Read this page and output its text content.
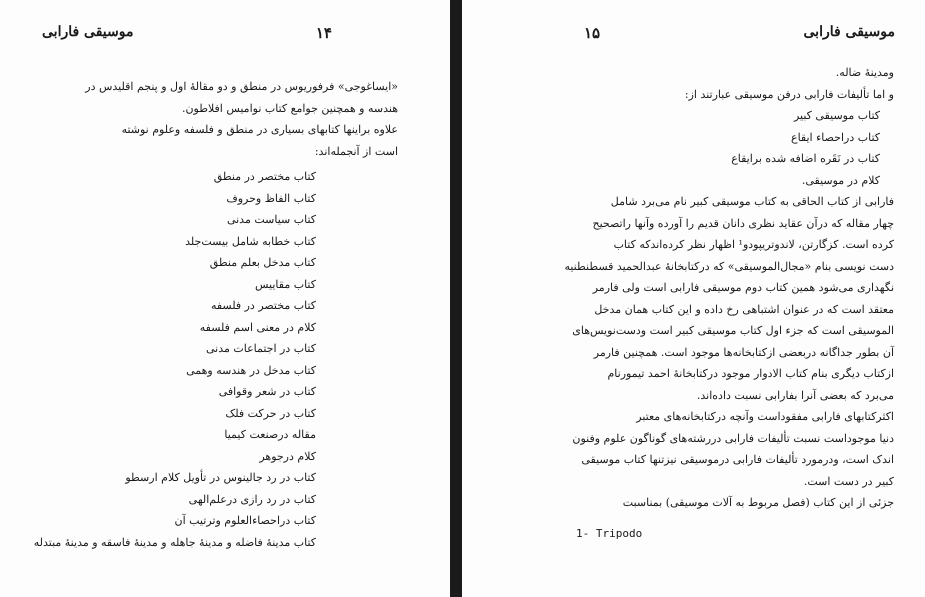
موسیقی فارابی	۱۴

«ایساغوجی» فرفوریوس در منطق و دو مقالهٔ اول و پنجم اقلیدس در

هندسه و همچنین جوامع کتاب نوامیس افلاطون.

علاوه براینها کتابهای بسیاری در منطق و فلسفه وعلوم نوشته

است از آنجمله‌اند:

کتاب مختصر در منطق

کتاب الفاظ وحروف

کتاب سیاست مدنی

کتاب خطابه شامل بیست‌جلد

کتاب مدخل بعلم منطق

کتاب مقاییس

کتاب مختصر در فلسفه

کلام در معنی اسم فلسفه

کتاب در اجتماعات مدنی

کتاب مدخل در هندسه وهمی

کتاب در شعر وقوافی

کتاب در حرکت فلک

مقاله درصنعت کیمیا

کلام درجوهر

کتاب در رد جالینوس در تأویل کلام ارسطو

کتاب در رد رازی درعلم‌الهی

کتاب دراحصاءالعلوم وترتیب آن

کتاب مدینهٔ فاضله و مدینهٔ جاهله و مدینهٔ فاسقه و مدینهٔ مبتدله

موسیقی فارابی
۱۵

ومدینهٔ ضاله.

و اما تألیفات فارابی درفن موسیقی عبارتند از:

کتاب موسیقی کبیر

کتاب دراحصاء ایقاع

کتاب در نَقَره اضافه شده برایقاع

کلام در موسیقی.

فارابی از کتاب الحاقی به کتاب موسیقی کبیر نام می‌برد شامل

چهار مقاله که درآن عقاید نظری دانان قدیم را آورده وآنها راتصحیح

کرده است. کزگارتن، لاندوتریپودو¹ اظهار نظر کرده‌اندکه کتاب

دست نویسی بنام «مجال‌الموسیقی» که درکتابخانهٔ عبدالحمید قسطنطنیه

نگهداری می‌شود همین کتاب دوم موسیقی فارابی است ولی فارمر

معتقد است که در عنوان اشتباهی رخ داده و این کتاب همان مدخل‌

الموسیقی است که جزء اول کتاب موسیقی کبیر است ودست‌نویس‌های

آن بطور جداگانه دربعضی ازکتابخانه‌ها موجود است. همچنین فارمر

ازکتاب دیگری بنام کتاب الادوار موجود درکتابخانهٔ احمد تیمورنام

می‌برد که بعضی آنرا بفارابی نسبت داده‌اند.

اکثرکتابهای فارابی مفقوداست وآنچه درکتابخانه‌های معتبر

دنیا موجوداست نسبت تألیفات فارابی دررشته‌های گوناگون علوم وفنون

اندک است، ودرمورد تألیفات فارابی درموسیقی نیزتنها کتاب موسیقی

کبیر در دست است.

جزئی از این کتاب (فصل مربوط به آلات موسیقی) بمناسبت

1- Tripodo
